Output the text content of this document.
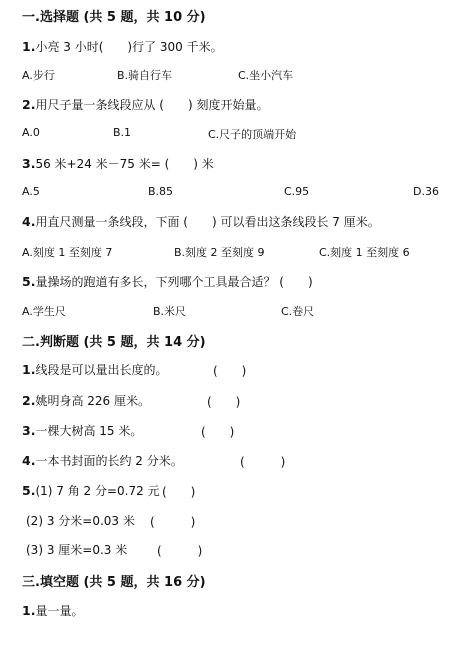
一.选择题 (共 5 题，共 10 分)
1.小亮 3 小时(　　)行了 300 千米。
A.步行	B.骑自行车	C.坐小汽车
2.用尺子量一条线段应从 (　　) 刻度开始量。
A.0	B.1	C.尺子的顶端开始
3.56 米+24 米－75 米= (　　) 米
A.5	B.85	C.95	D.36
4.用直尺测量一条线段，下面 (　　) 可以看出这条线段长 7 厘米。
A.刻度 1 至刻度 7	B.刻度 2 至刻度 9	C.刻度 1 至刻度 6
5.量操场的跑道有多长，下列哪个工具最合适？ (　　)
A.学生尺	B.米尺	C.卷尺
二.判断题 (共 5 题，共 14 分)
1.线段是可以量出长度的。	(　　)
2.姚明身高 226 厘米。	(　　)
3.一棵大树高 15 米。	(　　)
4.一本书封面的长约 2 分米。	(　　　)
5.(1) 7 角 2 分=0.72 元 (　　)
(2) 3 分米=0.03 米 (　　　)
(3) 3 厘米=0.3 米 (　　　)
三.填空题 (共 5 题，共 16 分)
1.量一量。
